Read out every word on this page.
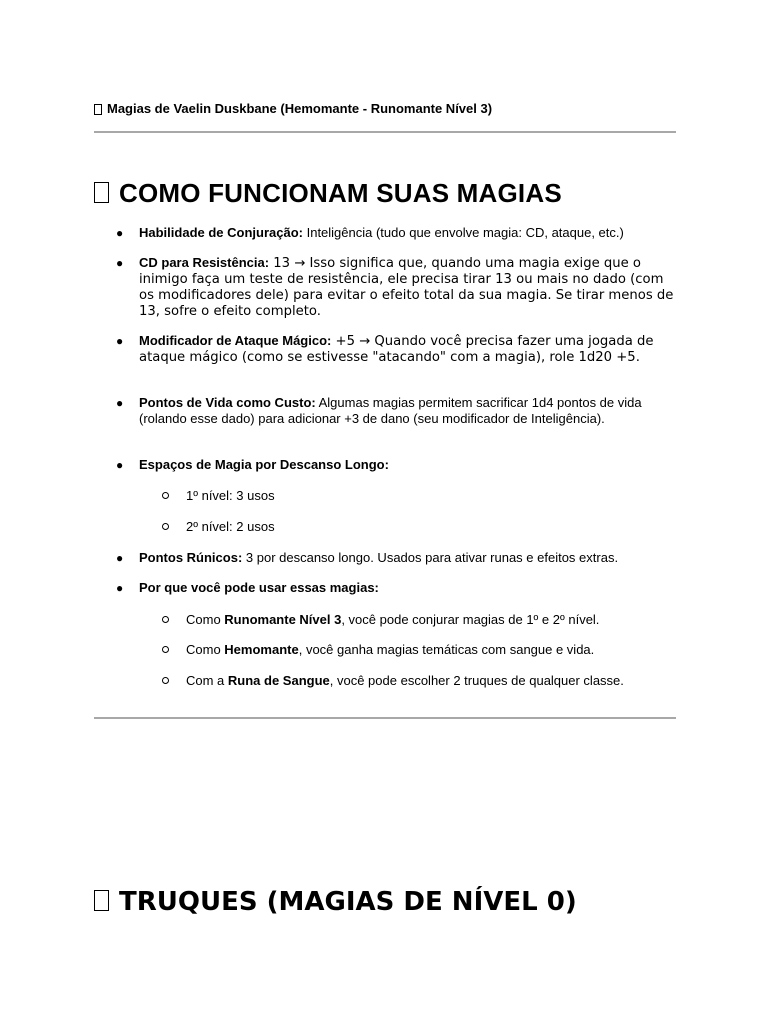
Magias de Vaelin Duskbane (Hemomante - Runomante Nível 3)
COMO FUNCIONAM SUAS MAGIAS
● Habilidade de Conjuração: Inteligência (tudo que envolve magia: CD, ataque, etc.)
● CD para Resistência: 13 → Isso significa que, quando uma magia exige que o inimigo faça um teste de resistência, ele precisa tirar 13 ou mais no dado (com os modificadores dele) para evitar o efeito total da sua magia. Se tirar menos de 13, sofre o efeito completo.
● Modificador de Ataque Mágico: +5 → Quando você precisa fazer uma jogada de ataque mágico (como se estivesse "atacando" com a magia), role 1d20 +5.
● Pontos de Vida como Custo: Algumas magias permitem sacrificar 1d4 pontos de vida (rolando esse dado) para adicionar +3 de dano (seu modificador de Inteligência).
● Espaços de Magia por Descanso Longo:
1º nível: 3 usos
2º nível: 2 usos
● Pontos Rúnicos: 3 por descanso longo. Usados para ativar runas e efeitos extras.
● Por que você pode usar essas magias:
Como Runomante Nível 3, você pode conjurar magias de 1º e 2º nível.
Como Hemomante, você ganha magias temáticas com sangue e vida.
Com a Runa de Sangue, você pode escolher 2 truques de qualquer classe.
TRUQUES (MAGIAS DE NÍVEL 0)
